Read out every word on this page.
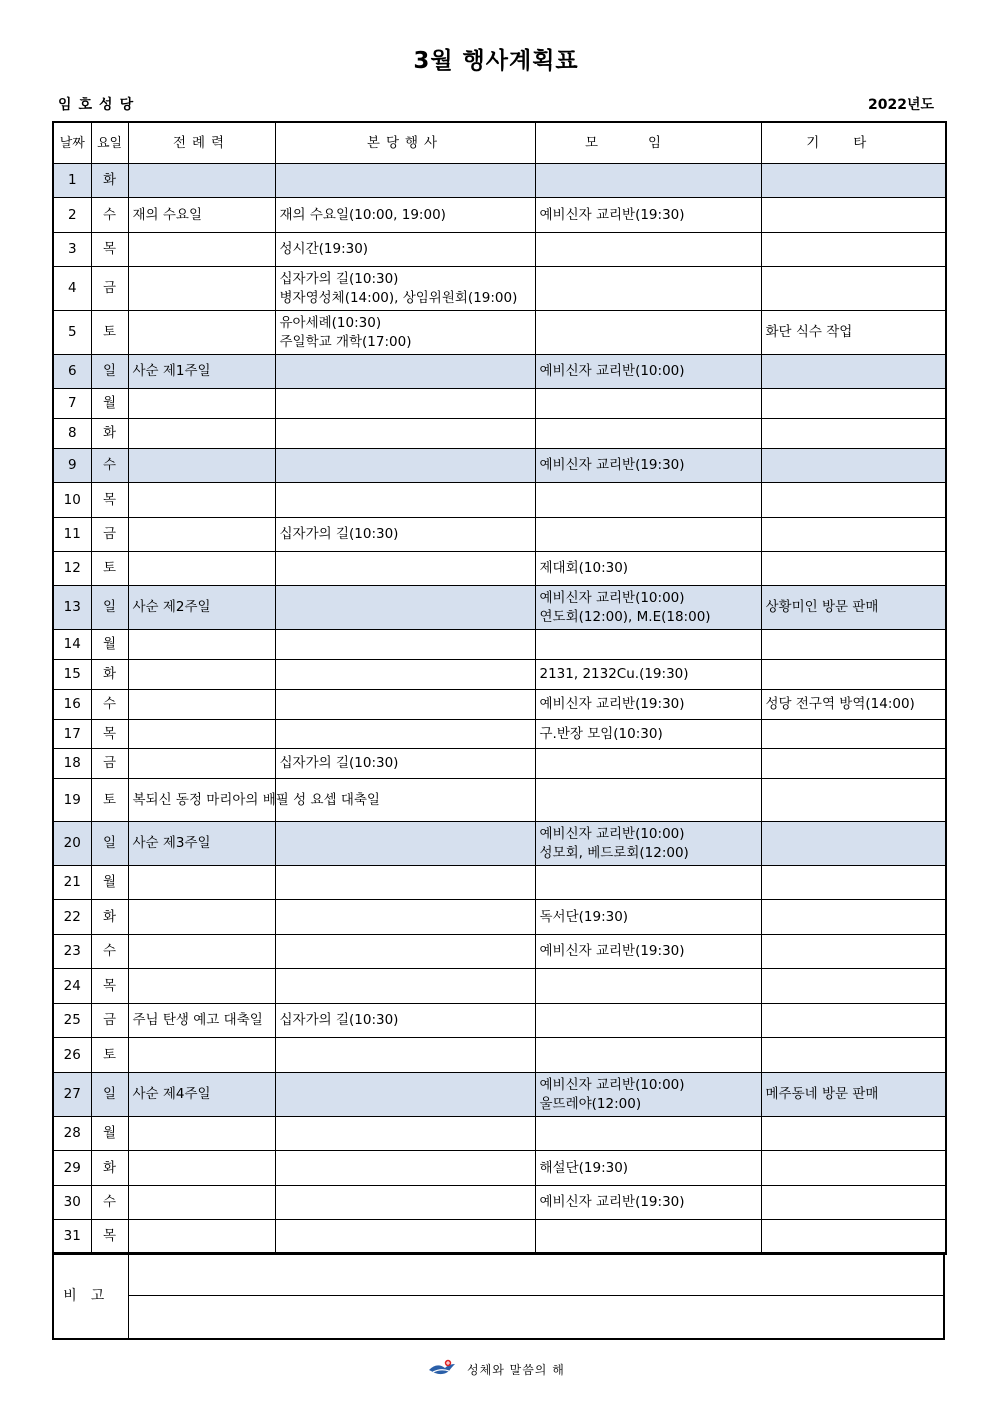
3월 행사계획표
임호성당	2022년도
날짜	요일	전례력	본당행사	모임	기타
1	화				
2	수	재의 수요일	재의 수요일(10:00, 19:00)	예비신자 교리반(19:30)	

3	목		성시간(19:30)		

4	금		십자가의 길(10:30)
병자영성체(14:00), 상임위원회(19:00)		

5	토		유아세례(10:30)
주일학교 개학(17:00)		화단 식수 작업
6	일	사순 제1주일		예비신자 교리반(10:00)	

7	월				
8	화				
9	수			예비신자 교리반(19:30)	

10	목				
11	금		십자가의 길(10:30)		

12	토			제대회(10:30)	

13	일	사순 제2주일		예비신자 교리반(10:00)
연도회(12:00), M.E(18:00)	상황미인 방문 판매
14	월				
15	화			2131, 2132Cu.(19:30)	

16	수			예비신자 교리반(19:30)	성당 전구역 방역(14:00)
17	목			구.반장 모임(10:30)	

18	금		십자가의 길(10:30)		

19	토	복되신 동정 마리아의 배필 성 요셉 대축일			
20	일	사순 제3주일		예비신자 교리반(10:00)
성모회, 베드로회(12:00)	

21	월				
22	화			독서단(19:30)	

23	수			예비신자 교리반(19:30)	

24	목				
25	금	주님 탄생 예고 대축일	십자가의 길(10:30)		

26	토				
27	일	사순 제4주일		예비신자 교리반(10:00)
울뜨레야(12:00)	메주동네 방문 판매
28	월				
29	화			해설단(19:30)	

30	수			예비신자 교리반(19:30)	

31	목				
비고	

성체와 말씀의 해
